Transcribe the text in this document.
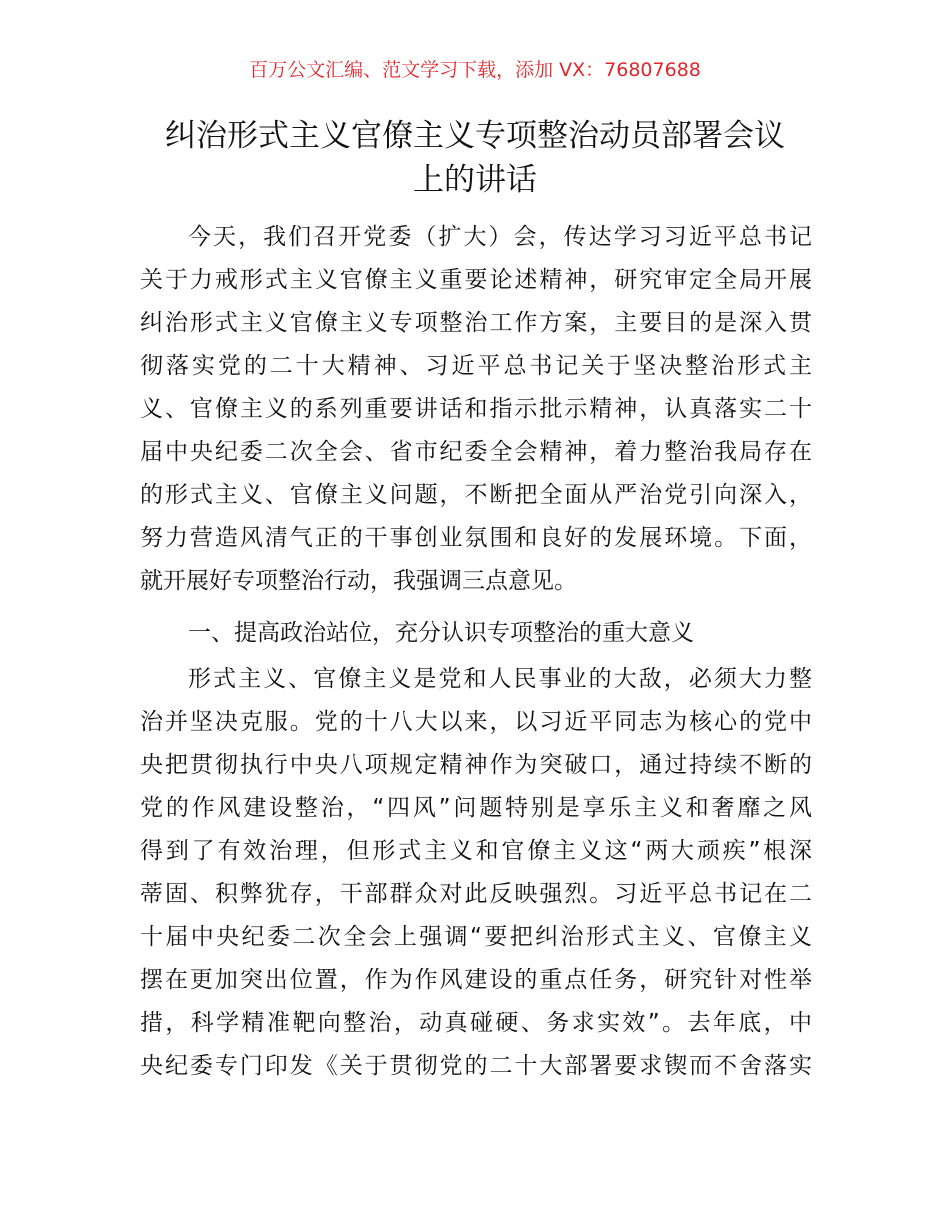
百万公文汇编、范文学习下载，添加 VX：76807688
纠治形式主义官僚主义专项整治动员部署会议
上的讲话
今天，我们召开党委（扩大）会，传达学习习近平总书记
关于力戒形式主义官僚主义重要论述精神，研究审定全局开展
纠治形式主义官僚主义专项整治工作方案，主要目的是深入贯
彻落实党的二十大精神、习近平总书记关于坚决整治形式主
义、官僚主义的系列重要讲话和指示批示精神，认真落实二十
届中央纪委二次全会、省市纪委全会精神，着力整治我局存在
的形式主义、官僚主义问题，不断把全面从严治党引向深入，
努力营造风清气正的干事创业氛围和良好的发展环境。下面，
就开展好专项整治行动，我强调三点意见。
一、提高政治站位，充分认识专项整治的重大意义
形式主义、官僚主义是党和人民事业的大敌，必须大力整
治并坚决克服。党的十八大以来，以习近平同志为核心的党中
央把贯彻执行中央八项规定精神作为突破口，通过持续不断的
党的作风建设整治，“四风”问题特别是享乐主义和奢靡之风
得到了有效治理，但形式主义和官僚主义这“两大顽疾”根深
蒂固、积弊犹存，干部群众对此反映强烈。习近平总书记在二
十届中央纪委二次全会上强调“要把纠治形式主义、官僚主义
摆在更加突出位置，作为作风建设的重点任务，研究针对性举
措，科学精准靶向整治，动真碰硬、务求实效”。去年底，中
央纪委专门印发《关于贯彻党的二十大部署要求锲而不舍落实
